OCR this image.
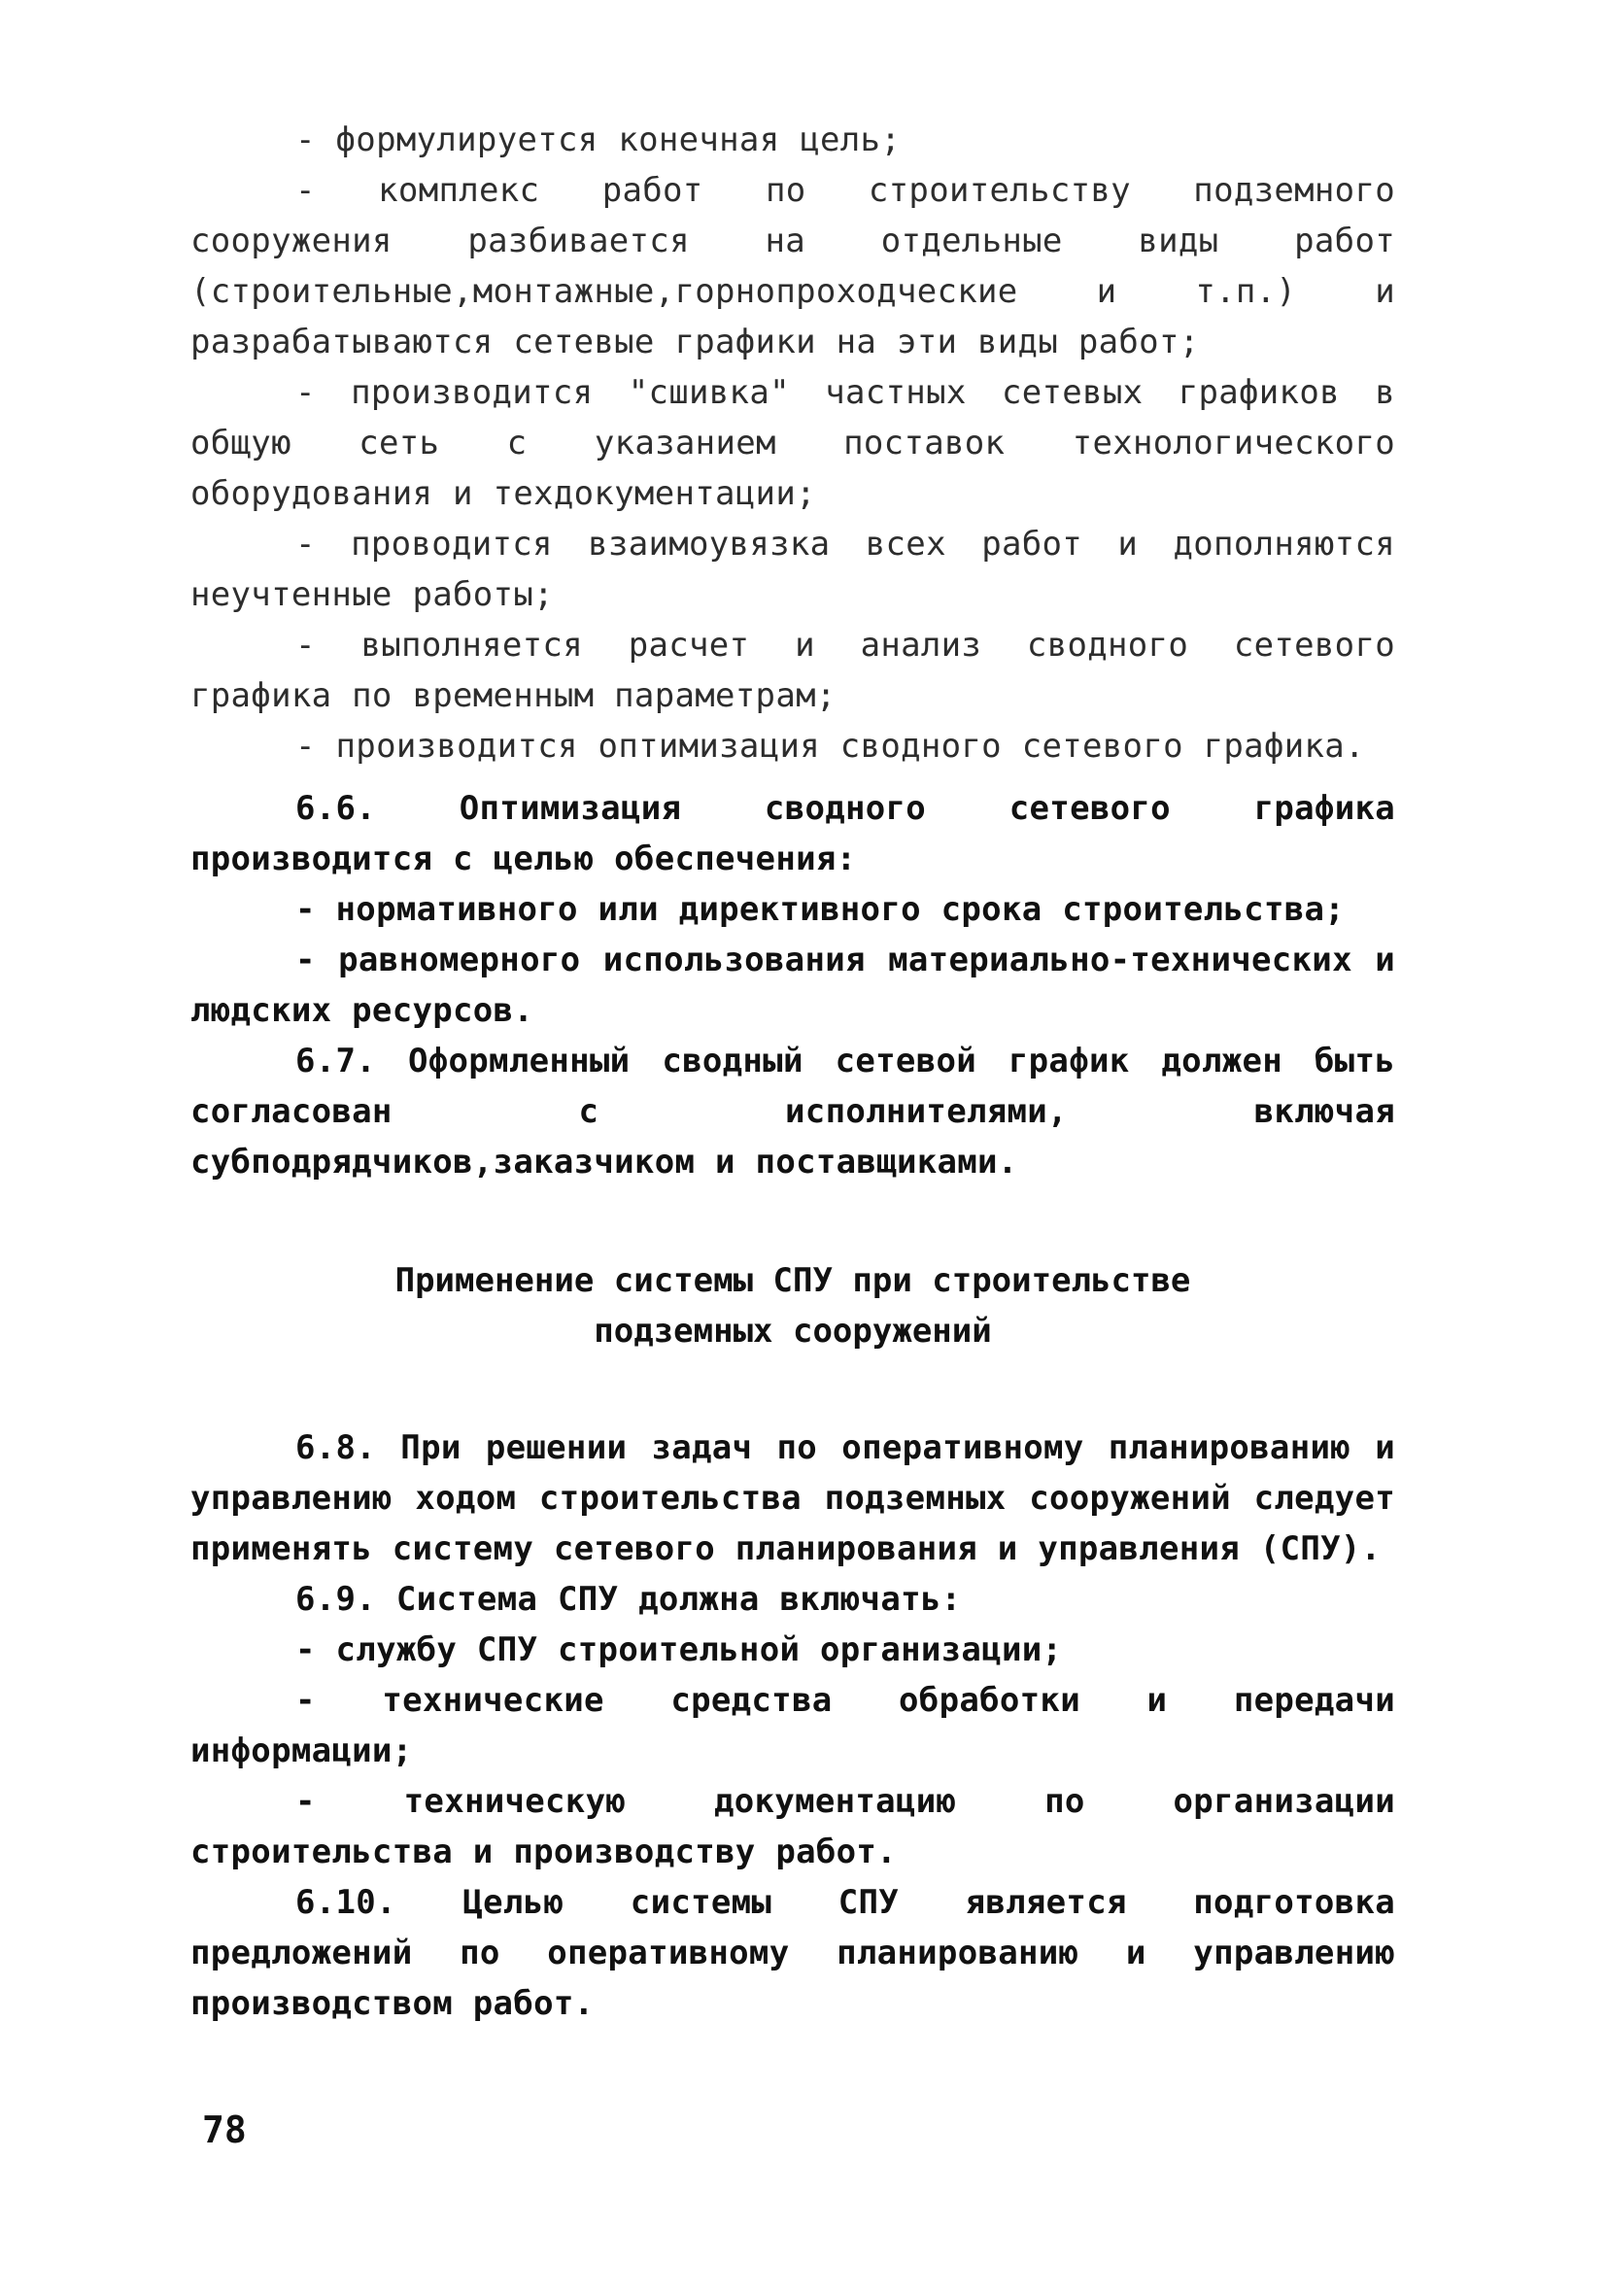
- формулируется конечная цель;

- комплекс работ по строительству подземного сооружения разбивается на отдельные виды работ (строительные,монтажные,горнопроходческие и т.п.) и разрабатываются сетевые графики на эти виды работ;

- производится "сшивка" частных сетевых графиков в общую сеть с указанием поставок технологического оборудования и техдокументации;

- проводится взаимоувязка всех работ и дополняются неучтенные работы;

- выполняется расчет и анализ сводного сетевого графика по временным параметрам;

- производится оптимизация сводного сетевого графика.

6.6. Оптимизация сводного сетевого графика производится с целью обеспечения:

- нормативного или директивного срока строительства;

- равномерного использования материально-технических и людских ресурсов.

6.7. Оформленный сводный сетевой график должен быть согласован с исполнителями, включая субподрядчиков,заказчиком и поставщиками.

Применение системы СПУ при строительстве
подземных сооружений

6.8. При решении задач по оперативному планированию и управлению ходом строительства подземных сооружений следует применять систему сетевого планирования и управления (СПУ).

6.9. Система СПУ должна включать:

- службу СПУ строительной организации;

- технические средства обработки и передачи информации;

- техническую документацию по организации строительства и производству работ.

6.10. Целью системы СПУ является подготовка предложений по оперативному планированию и управлению производством работ.

78
